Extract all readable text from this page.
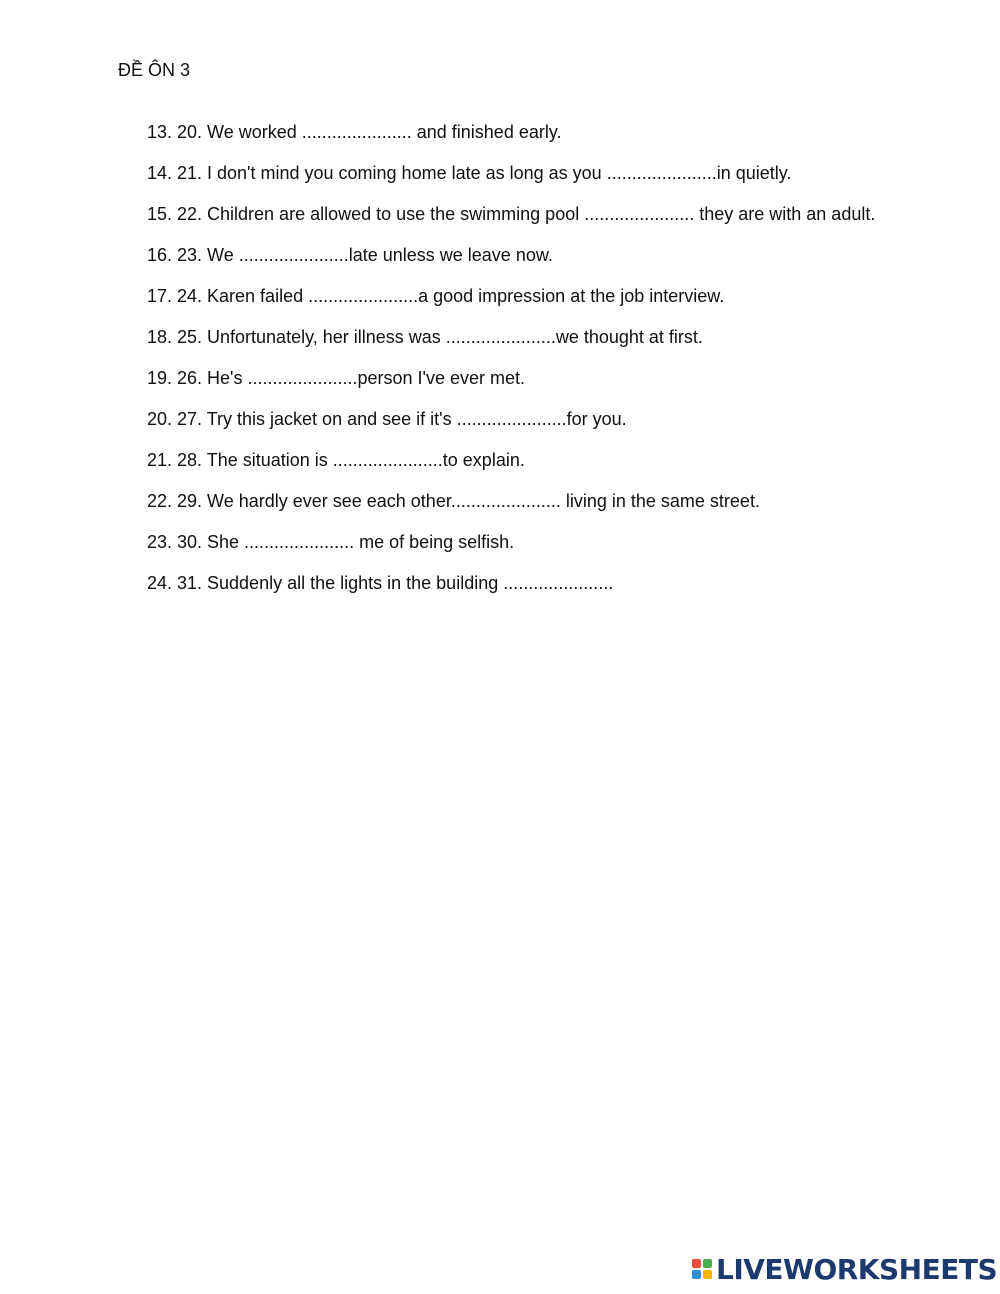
ĐỀ ÔN 3
13. 20. We worked ...................... and finished early.
14. 21. I don't mind you coming home late as long as you ......................in quietly.
15. 22. Children are allowed to use the swimming pool ...................... they are with an adult.
16. 23. We ......................late unless we leave now.
17. 24. Karen failed ......................a good impression at the job interview.
18. 25. Unfortunately, her illness was ......................we thought at first.
19. 26. He's ......................person I've ever met.
20. 27. Try this jacket on and see if it's ......................for you.
21. 28. The situation is ......................to explain.
22. 29. We hardly ever see each other...................... living in the same street.
23. 30. She ...................... me of being selfish.
24. 31. Suddenly all the lights in the building ......................
LIVEWORKSHEETS
